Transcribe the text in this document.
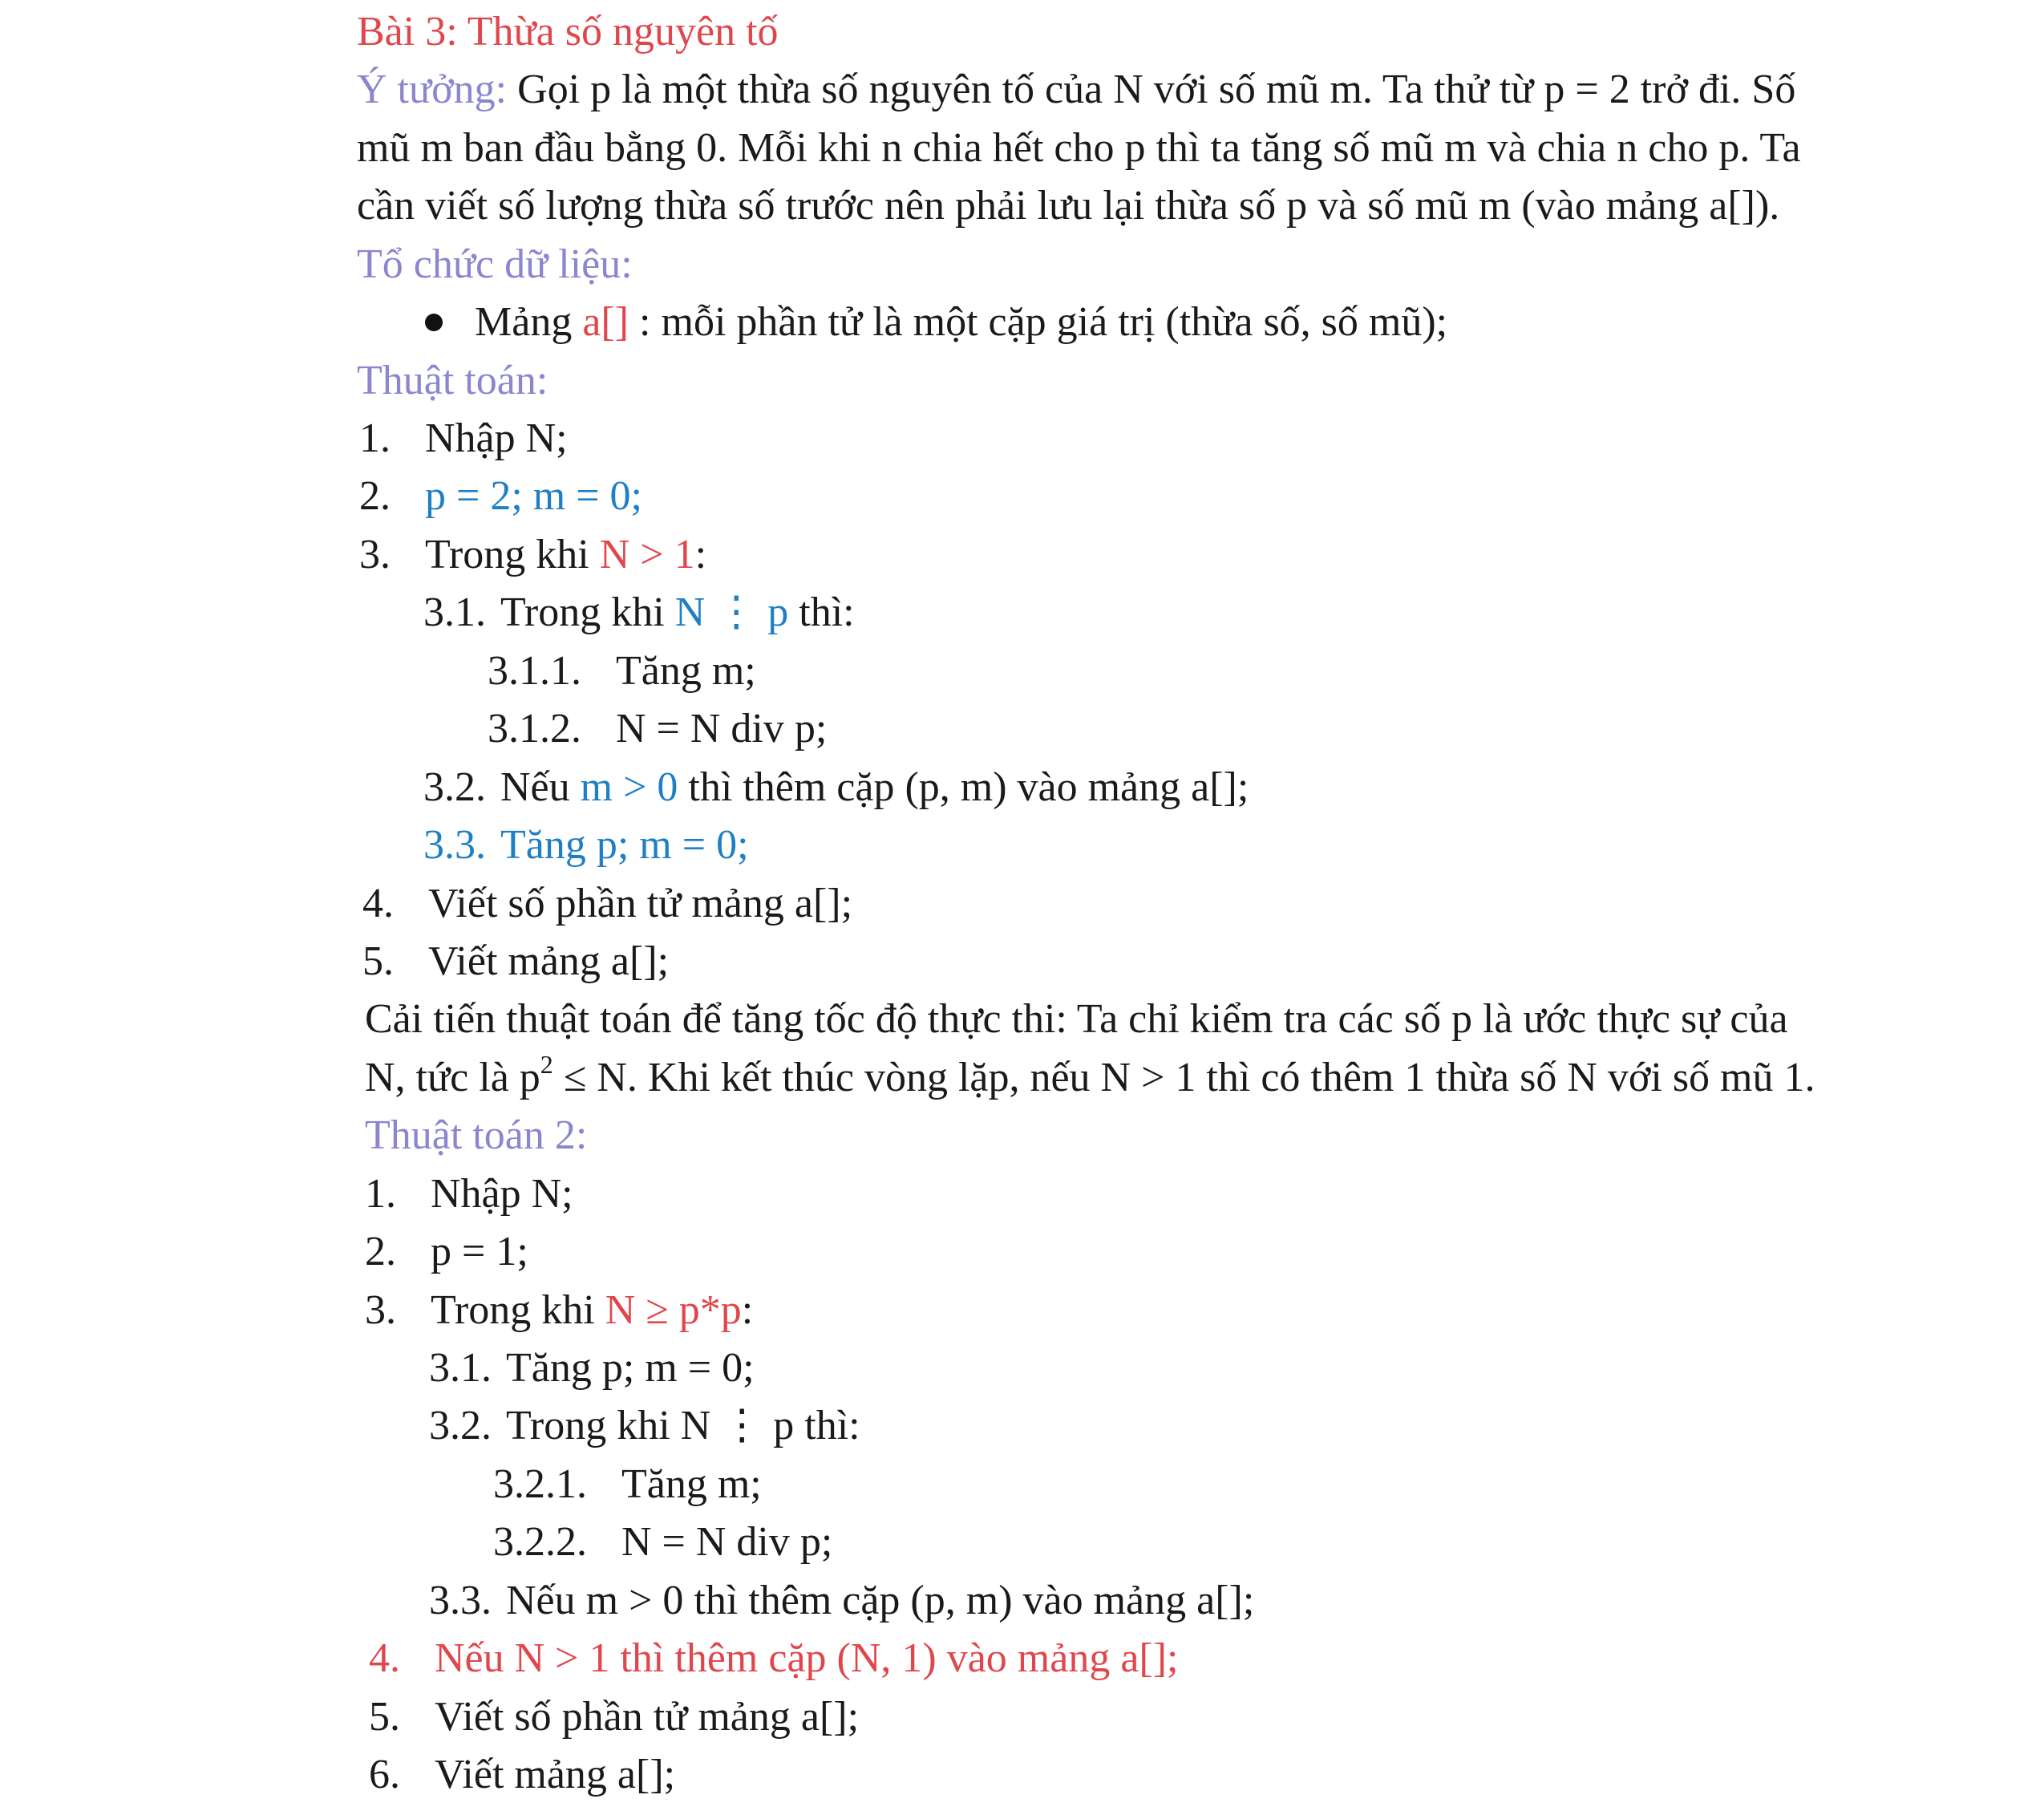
Bài 3: Thừa số nguyên tố
Ý tưởng: Gọi p là một thừa số nguyên tố của N với số mũ m. Ta thử từ p = 2 trở đi. Số
mũ m ban đầu bằng 0. Mỗi khi n chia hết cho p thì ta tăng số mũ m và chia n cho p. Ta
cần viết số lượng thừa số trước nên phải lưu lại thừa số p và số mũ m (vào mảng a[]).
Tổ chức dữ liệu:
Mảng a[] : mỗi phần tử là một cặp giá trị (thừa số, số mũ);
Thuật toán:
1. Nhập N;
2. p = 2; m = 0;
3. Trong khi N > 1:
3.1. Trong khi N ⋮ p thì:
3.1.1. Tăng m;
3.1.2. N = N div p;
3.2. Nếu m > 0 thì thêm cặp (p, m) vào mảng a[];
3.3. Tăng p; m = 0;
4. Viết số phần tử mảng a[];
5. Viết mảng a[];
Cải tiến thuật toán để tăng tốc độ thực thi: Ta chỉ kiểm tra các số p là ước thực sự của
N, tức là $p^2 \le N$. Khi kết thúc vòng lặp, nếu N > 1 thì có thêm 1 thừa số N với số mũ 1.
Thuật toán 2:
1. Nhập N;
2. p = 1;
3. Trong khi N ≥ p*p:
3.1. Tăng p; m = 0;
3.2. Trong khi N ⋮ p thì:
3.2.1. Tăng m;
3.2.2. N = N div p;
3.3. Nếu m > 0 thì thêm cặp (p, m) vào mảng a[];
4. Nếu N > 1 thì thêm cặp (N, 1) vào mảng a[];
5. Viết số phần tử mảng a[];
6. Viết mảng a[];
